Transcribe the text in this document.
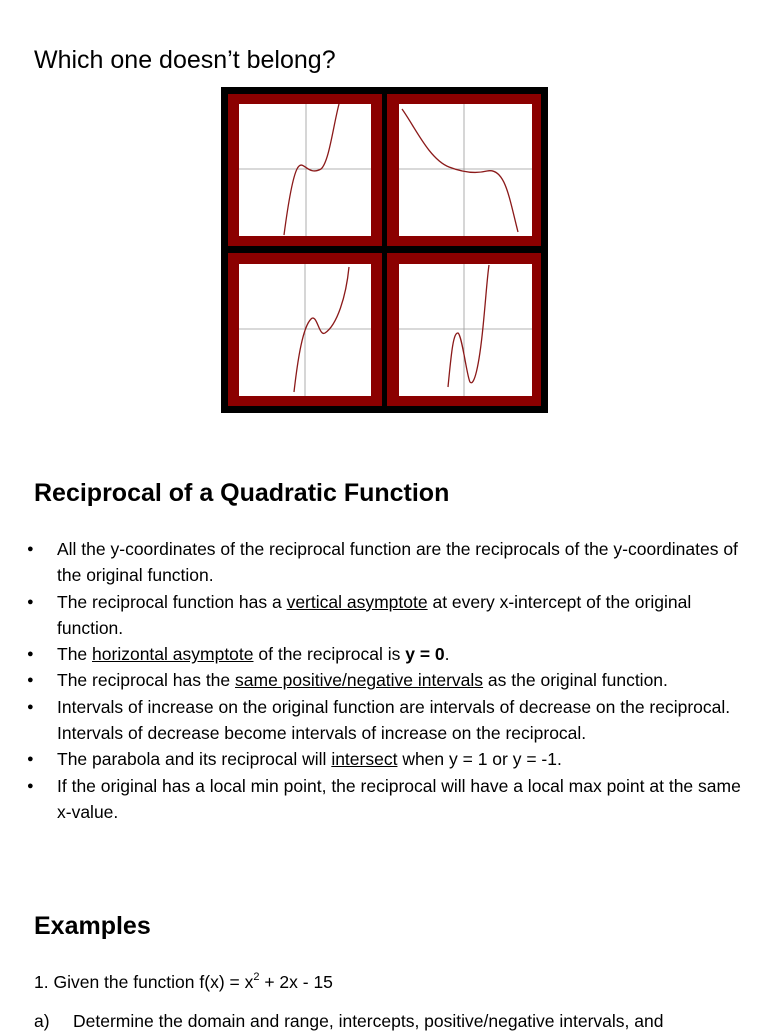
Which one doesn’t belong?
Reciprocal of a Quadratic Function
● All the y-coordinates of the reciprocal function are the reciprocals of the y-coordinates of the original function.
● The reciprocal function has a vertical asymptote at every x-intercept of the original function.
● The horizontal asymptote of the reciprocal is y = 0.
● The reciprocal has the same positive/negative intervals as the original function.
● Intervals of increase on the original function are intervals of decrease on the reciprocal. Intervals of decrease become intervals of increase on the reciprocal.
● The parabola and its reciprocal will intersect when y = 1 or y = -1.
● If the original has a local min point, the reciprocal will have a local max point at the same x-value.
Examples

1. Given the function $f(x) = x^2 + 2x - 15$

a) Determine the domain and range, intercepts, positive/negative intervals, and
